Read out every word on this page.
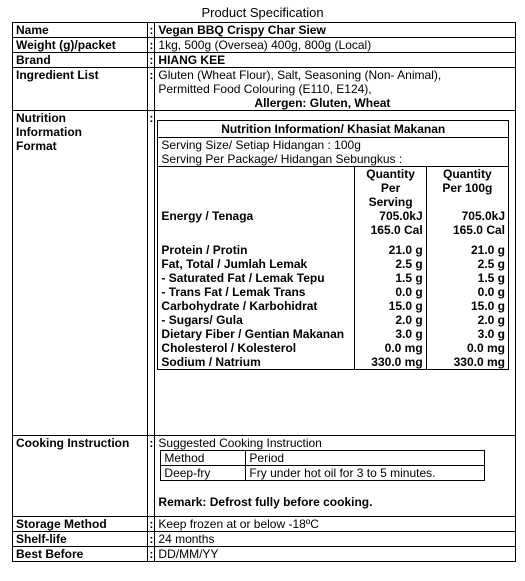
Product Specification
Name	:	Vegan BBQ Crispy Char Siew
Weight (g)/packet	:	1kg, 500g (Oversea) 400g, 800g (Local)
Brand	:	HIANG KEE
Ingredient List	:	Gluten (Wheat Flour), Salt, Seasoning (Non- Animal),
Permitted Food Colouring (E110, E124),
Allergen: Gluten, Wheat

Nutrition
Information
Format	:	
Nutrition Information/ Khasiat Makanan
Serving Size/ Setiap Hidangan : 100g
Serving Per Package/ Hidangan Sebungkus :
	Quantity
Per
Serving	Quantity
Per 100g
Energy / Tenaga	705.0kJ	705.0kJ
	165.0 Cal	165.0 Cal

Protein / Protin	21.0 g	21.0 g
Fat, Total / Jumlah Lemak	2.5 g	2.5 g
- Saturated Fat / Lemak Tepu	1.5 g	1.5 g
- Trans Fat / Lemak Trans	0.0 g	0.0 g
Carbohydrate / Karbohidrat	15.0 g	15.0 g
- Sugars/ Gula	2.0 g	2.0 g
Dietary Fiber / Gentian Makanan	3.0 g	3.0 g
Cholesterol / Kolesterol	0.0 mg	0.0 mg
Sodium / Natrium	330.0 mg	330.0 mg

Cooking Instruction	:	Suggested Cooking Instruction
Method	Period
Deep-fry	Fry under hot oil for 3 to 5 minutes.
Remark: Defrost fully before cooking.

Storage Method	:	Keep frozen at or below -18ºC
Shelf-life	:	24 months
Best Before	:	DD/MM/YY
